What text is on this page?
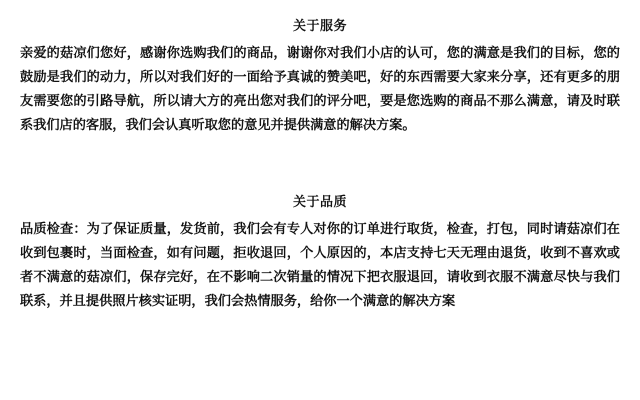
关于服务

亲爱的菇凉们您好，感谢你选购我们的商品，谢谢你对我们小店的认可，您的满意是我们的目标，您的鼓励是我们的动力，所以对我们好的一面给予真诚的赞美吧，好的东西需要大家来分享，还有更多的朋友需要您的引路导航，所以请大方的亮出您对我们的评分吧，要是您选购的商品不那么满意，请及时联系我们店的客服，我们会认真听取您的意见并提供满意的解决方案。

关于品质

品质检查：为了保证质量，发货前，我们会有专人对你的订单进行取货，检查，打包，同时请菇凉们在收到包裹时，当面检查，如有问题，拒收退回，个人原因的，本店支持七天无理由退货，收到不喜欢或者不满意的菇凉们，保存完好，在不影响二次销量的情况下把衣服退回，请收到衣服不满意尽快与我们联系，并且提供照片核实证明，我们会热情服务，给你一个满意的解决方案
